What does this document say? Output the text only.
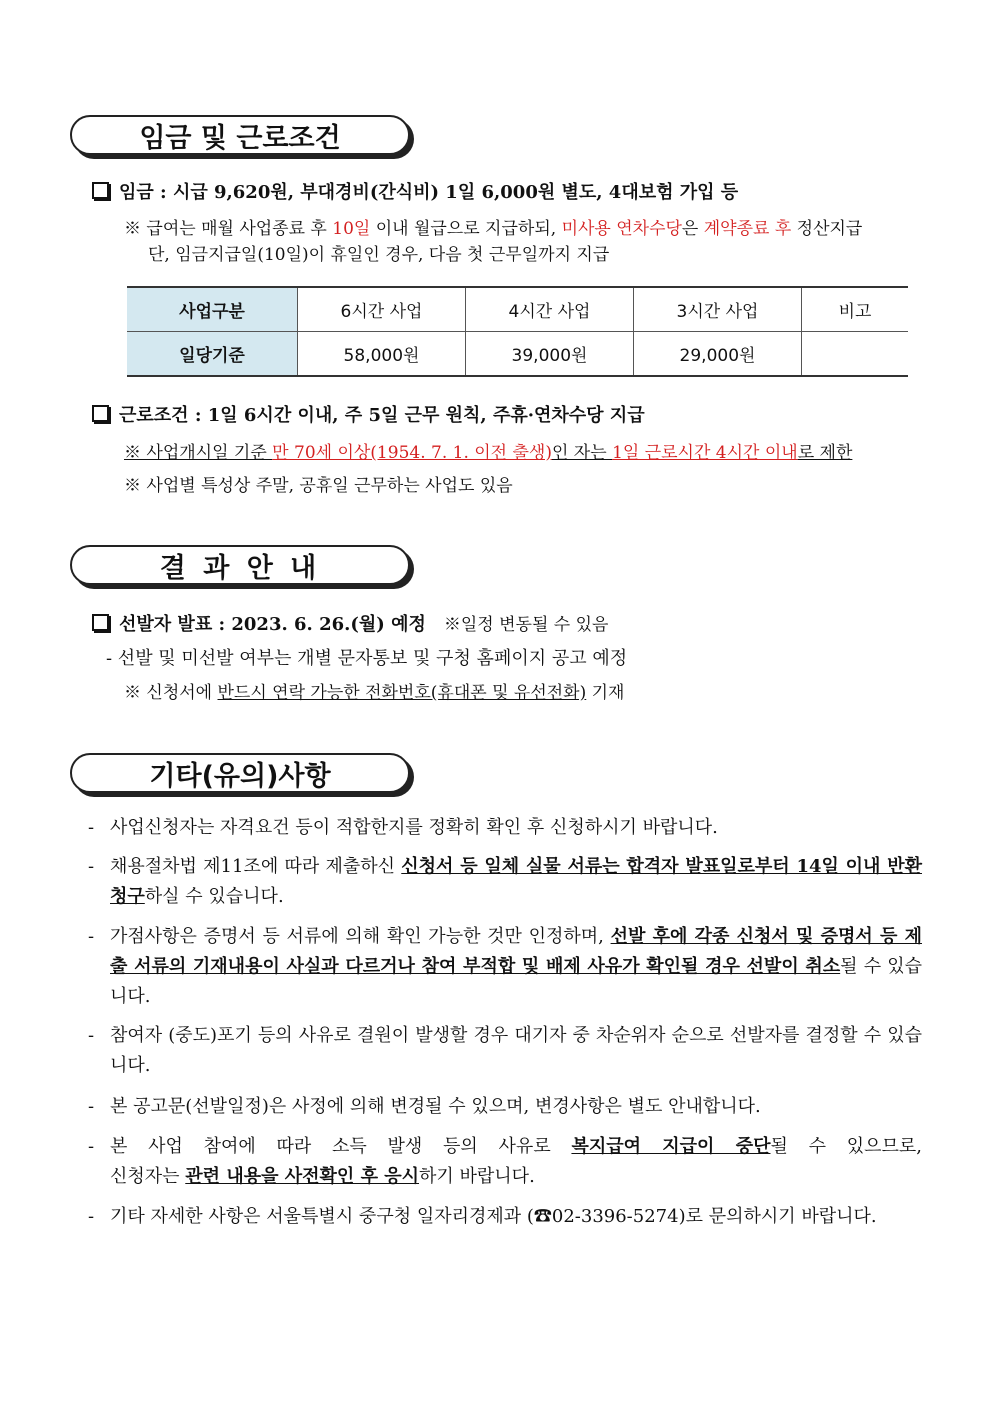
임금 및 근로조건
임금 : 시급 9,620원, 부대경비(간식비) 1일 6,000원 별도, 4대보험 가입 등
※ 급여는 매월 사업종료 후 10일 이내 월급으로 지급하되, 미사용 연차수당은 계약종료 후 정산지급
단, 임금지급일(10일)이 휴일인 경우, 다음 첫 근무일까지 지급
사업구분	6시간 사업	4시간 사업	3시간 사업	비고
일당기준	58,000원	39,000원	29,000원	
근로조건 : 1일 6시간 이내, 주 5일 근무 원칙, 주휴·연차수당 지급
※ 사업개시일 기준 만 70세 이상(1954. 7. 1. 이전 출생)인 자는 1일 근로시간 4시간 이내로 제한
※ 사업별 특성상 주말, 공휴일 근무하는 사업도 있음
결 과 안 내
선발자 발표 : 2023. 6. 26.(월) 예정 ※일정 변동될 수 있음
- 선발 및 미선발 여부는 개별 문자통보 및 구청 홈페이지 공고 예정
※ 신청서에 반드시 연락 가능한 전화번호(휴대폰 및 유선전화) 기재
기타(유의)사항
- 사업신청자는 자격요건 등이 적합한지를 정확히 확인 후 신청하시기 바랍니다.
- 채용절차법 제11조에 따라 제출하신 신청서 등 일체 실물 서류는 합격자 발표일로부터 14일 이내 반환청구하실 수 있습니다.
- 가점사항은 증명서 등 서류에 의해 확인 가능한 것만 인정하며, 선발 후에 각종 신청서 및 증명서 등 제출 서류의 기재내용이 사실과 다르거나 참여 부적합 및 배제 사유가 확인될 경우 선발이 취소될 수 있습니다.
- 참여자 (중도)포기 등의 사유로 결원이 발생할 경우 대기자 중 차순위자 순으로 선발자를 결정할 수 있습니다.
- 본 공고문(선발일정)은 사정에 의해 변경될 수 있으며, 변경사항은 별도 안내합니다.
- 본 사업 참여에 따라 소득 발생 등의 사유로 복지급여 지급이 중단될 수 있으므로,
신청자는 관련 내용을 사전확인 후 응시하기 바랍니다.
- 기타 자세한 사항은 서울특별시 중구청 일자리경제과 (☎02-3396-5274)로 문의하시기 바랍니다.
